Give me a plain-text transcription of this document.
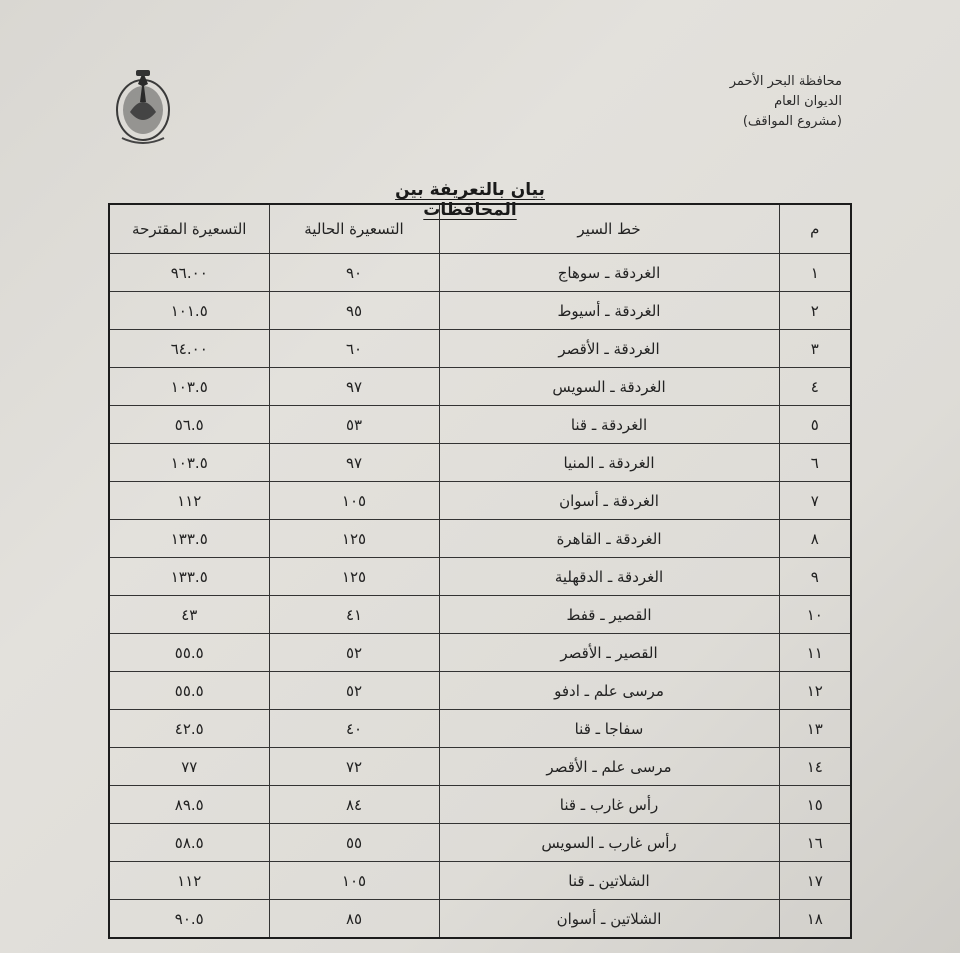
محافظة البحر الأحمر
الديوان العام
(مشروع المواقف)
بيان بالتعريفة بين المحافظات
م	خط السير	التسعيرة الحالية	التسعيرة المقترحة
١	الغردقة ـ سوهاج	٩٠	٩٦.٠٠
٢	الغردقة ـ أسيوط	٩٥	١٠١.٥
٣	الغردقة ـ الأقصر	٦٠	٦٤.٠٠
٤	الغردقة ـ السويس	٩٧	١٠٣.٥
٥	الغردقة ـ قنا	٥٣	٥٦.٥
٦	الغردقة ـ المنيا	٩٧	١٠٣.٥
٧	الغردقة ـ أسوان	١٠٥	١١٢
٨	الغردقة ـ القاهرة	١٢٥	١٣٣.٥
٩	الغردقة ـ الدقهلية	١٢٥	١٣٣.٥
١٠	القصير ـ قفط	٤١	٤٣
١١	القصير ـ الأقصر	٥٢	٥٥.٥
١٢	مرسى علم ـ ادفو	٥٢	٥٥.٥
١٣	سفاجا ـ قنا	٤٠	٤٢.٥
١٤	مرسى علم ـ الأقصر	٧٢	٧٧
١٥	رأس غارب ـ قنا	٨٤	٨٩.٥
١٦	رأس غارب ـ السويس	٥٥	٥٨.٥
١٧	الشلاتين ـ قنا	١٠٥	١١٢
١٨	الشلاتين ـ أسوان	٨٥	٩٠.٥
